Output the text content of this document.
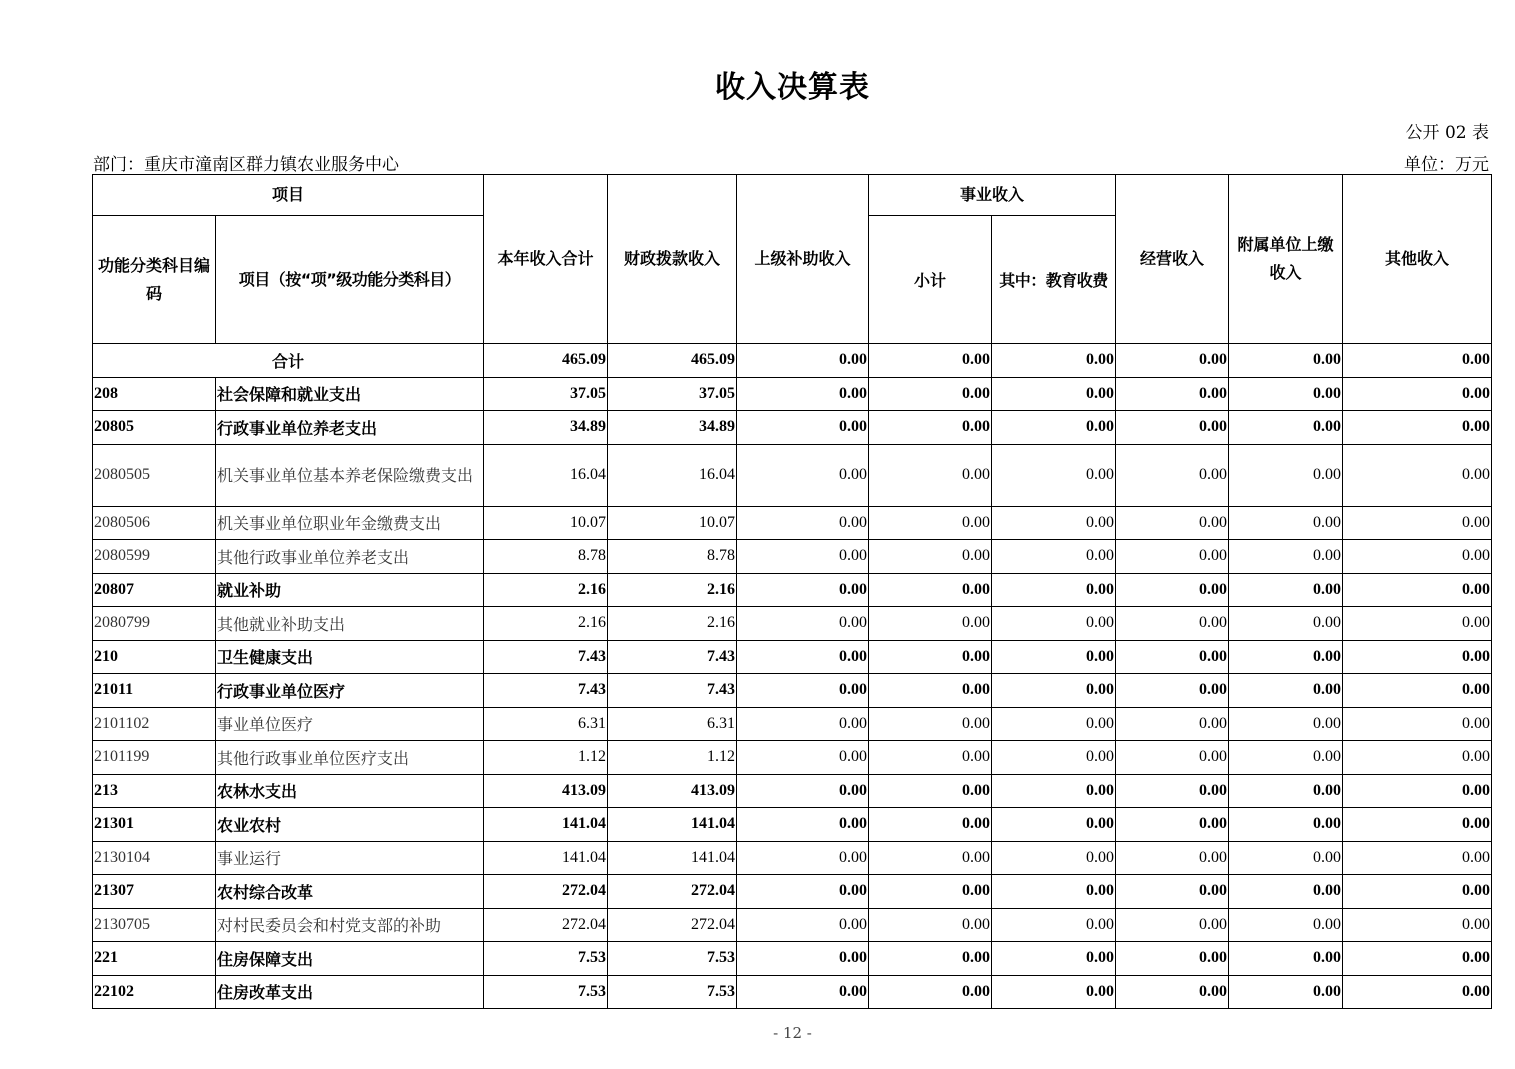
收入决算表
公开 02 表
部门：重庆市潼南区群力镇农业服务中心	单位：万元
项目		本年收入合计	财政拨款收入	上级补助收入	事业收入		经营收入	附属单位上缴收入	其他收入
功能分类科目编码	项目（按“项”级功能分类科目）				小计	其中：教育收费			
合计		465.09	465.09	0.00	0.00	0.00	0.00	0.00	0.00
208	社会保障和就业支出	37.05	37.05	0.00	0.00	0.00	0.00	0.00	0.00
20805	行政事业单位养老支出	34.89	34.89	0.00	0.00	0.00	0.00	0.00	0.00
2080505	机关事业单位基本养老保险缴费支出	16.04	16.04	0.00	0.00	0.00	0.00	0.00	0.00
2080506	机关事业单位职业年金缴费支出	10.07	10.07	0.00	0.00	0.00	0.00	0.00	0.00
2080599	其他行政事业单位养老支出	8.78	8.78	0.00	0.00	0.00	0.00	0.00	0.00
20807	就业补助	2.16	2.16	0.00	0.00	0.00	0.00	0.00	0.00
2080799	其他就业补助支出	2.16	2.16	0.00	0.00	0.00	0.00	0.00	0.00
210	卫生健康支出	7.43	7.43	0.00	0.00	0.00	0.00	0.00	0.00
21011	行政事业单位医疗	7.43	7.43	0.00	0.00	0.00	0.00	0.00	0.00
2101102	事业单位医疗	6.31	6.31	0.00	0.00	0.00	0.00	0.00	0.00
2101199	其他行政事业单位医疗支出	1.12	1.12	0.00	0.00	0.00	0.00	0.00	0.00
213	农林水支出	413.09	413.09	0.00	0.00	0.00	0.00	0.00	0.00
21301	农业农村	141.04	141.04	0.00	0.00	0.00	0.00	0.00	0.00
2130104	事业运行	141.04	141.04	0.00	0.00	0.00	0.00	0.00	0.00
21307	农村综合改革	272.04	272.04	0.00	0.00	0.00	0.00	0.00	0.00
2130705	对村民委员会和村党支部的补助	272.04	272.04	0.00	0.00	0.00	0.00	0.00	0.00
221	住房保障支出	7.53	7.53	0.00	0.00	0.00	0.00	0.00	0.00
22102	住房改革支出	7.53	7.53	0.00	0.00	0.00	0.00	0.00	0.00
- 12 -
